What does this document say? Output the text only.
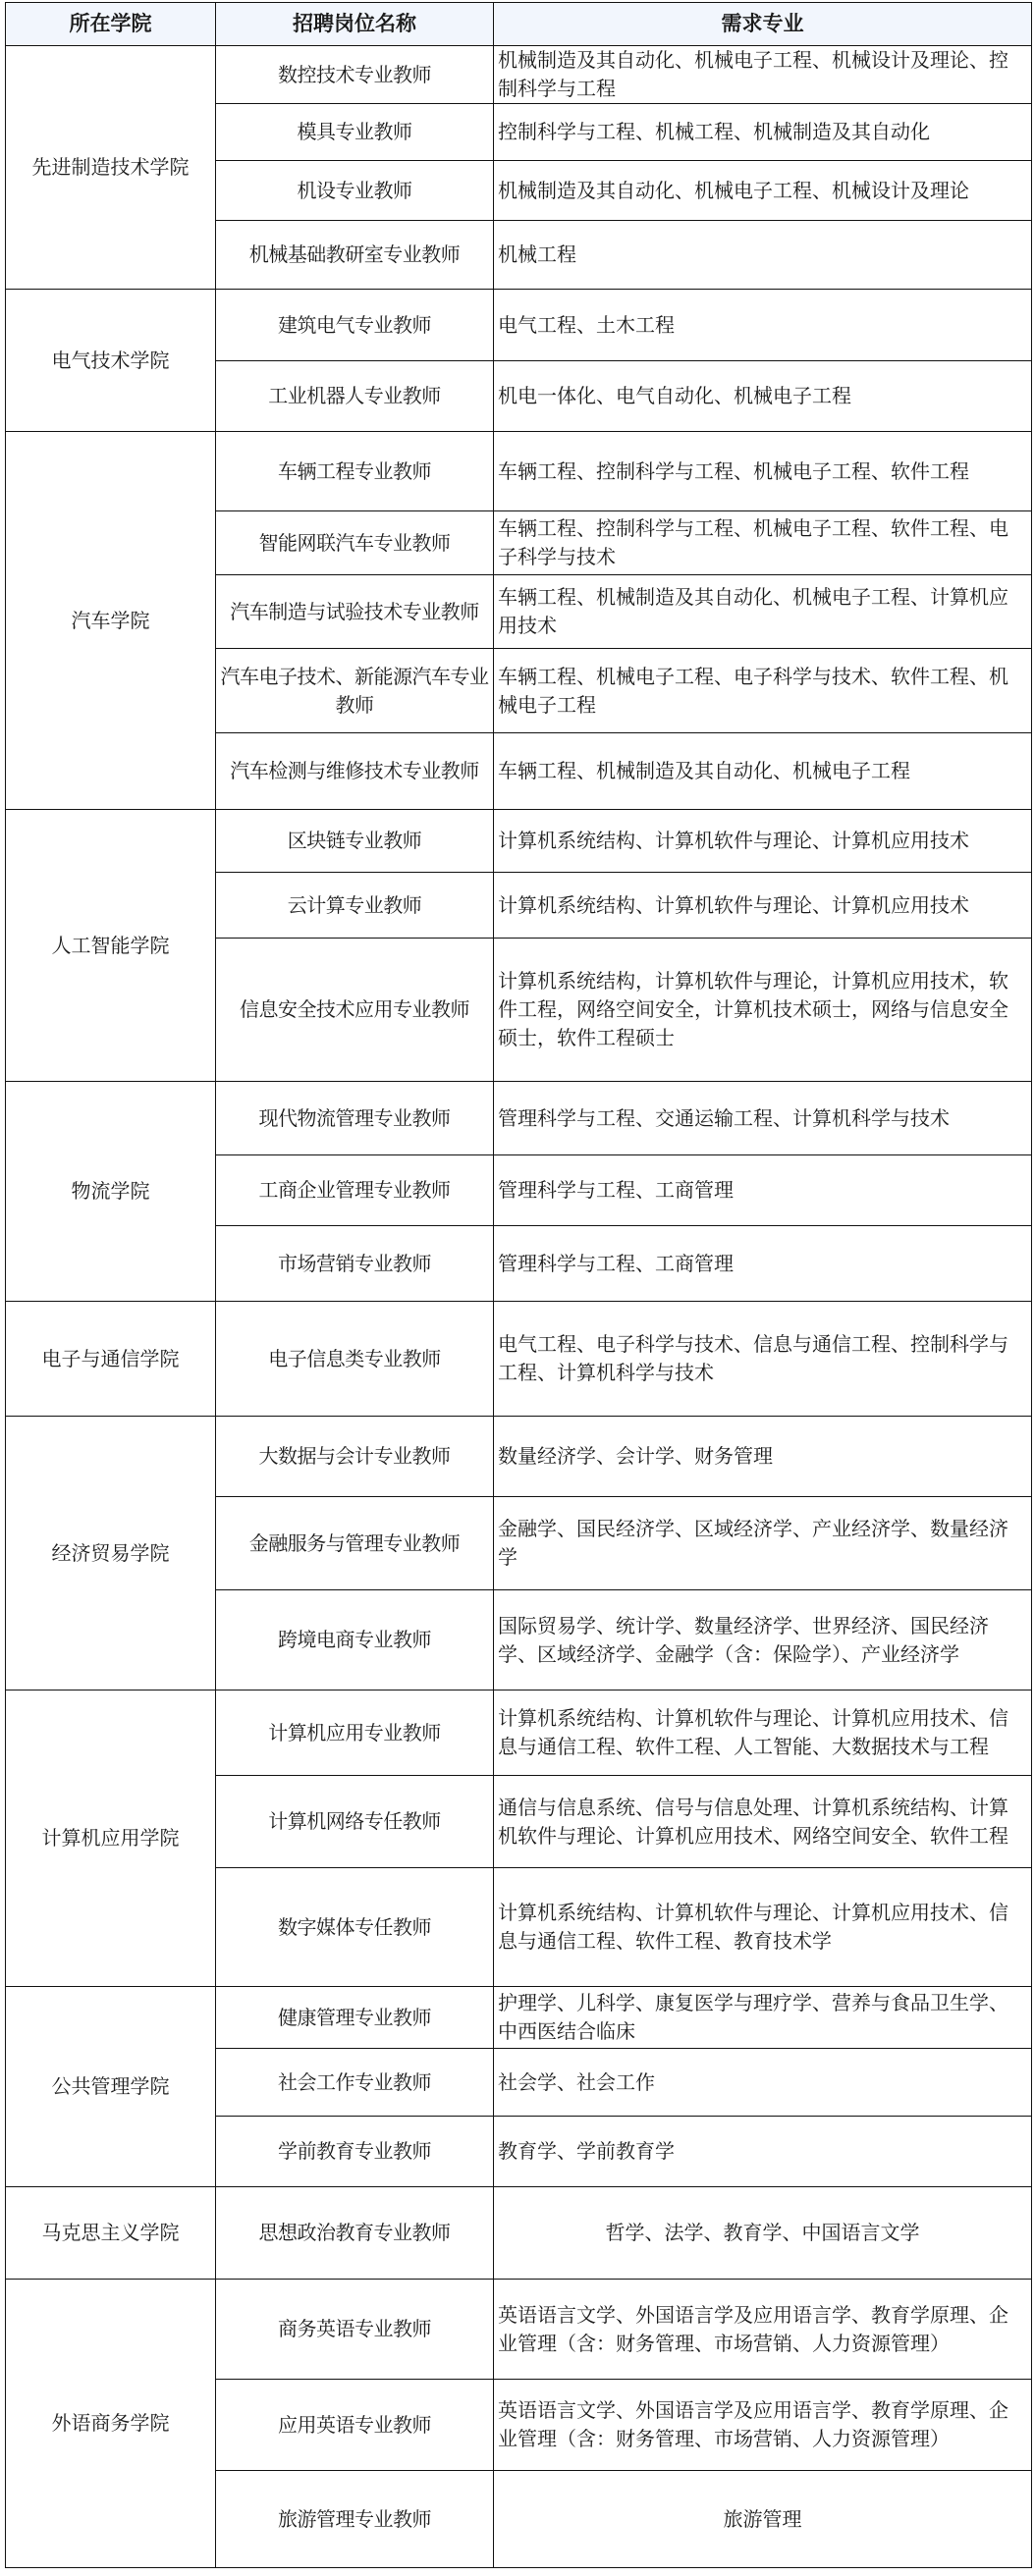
所在学院	招聘岗位名称	需求专业
先进制造技术学院	数控技术专业教师	机械制造及其自动化、机械电子工程、机械设计及理论、控制科学与工程
	模具专业教师	控制科学与工程、机械工程、机械制造及其自动化
	机设专业教师	机械制造及其自动化、机械电子工程、机械设计及理论
	机械基础教研室专业教师	机械工程
电气技术学院	建筑电气专业教师	电气工程、土木工程
	工业机器人专业教师	机电一体化、电气自动化、机械电子工程
汽车学院	车辆工程专业教师	车辆工程、控制科学与工程、机械电子工程、软件工程
	智能网联汽车专业教师	车辆工程、控制科学与工程、机械电子工程、软件工程、电子科学与技术
	汽车制造与试验技术专业教师	车辆工程、机械制造及其自动化、机械电子工程、计算机应用技术
	汽车电子技术、新能源汽车专业教师	车辆工程、机械电子工程、电子科学与技术、软件工程、机械电子工程
	汽车检测与维修技术专业教师	车辆工程、机械制造及其自动化、机械电子工程
人工智能学院	区块链专业教师	计算机系统结构、计算机软件与理论、计算机应用技术
	云计算专业教师	计算机系统结构、计算机软件与理论、计算机应用技术
	信息安全技术应用专业教师	计算机系统结构，计算机软件与理论，计算机应用技术，软件工程，网络空间安全，计算机技术硕士，网络与信息安全硕士，软件工程硕士
物流学院	现代物流管理专业教师	管理科学与工程、交通运输工程、计算机科学与技术
	工商企业管理专业教师	管理科学与工程、工商管理
	市场营销专业教师	管理科学与工程、工商管理
电子与通信学院	电子信息类专业教师	电气工程、电子科学与技术、信息与通信工程、控制科学与工程、计算机科学与技术
经济贸易学院	大数据与会计专业教师	数量经济学、会计学、财务管理
	金融服务与管理专业教师	金融学、国民经济学、区域经济学、产业经济学、数量经济学
	跨境电商专业教师	国际贸易学、统计学、数量经济学、世界经济、国民经济学、区域经济学、金融学（含：保险学）、产业经济学
计算机应用学院	计算机应用专业教师	计算机系统结构、计算机软件与理论、计算机应用技术、信息与通信工程、软件工程、人工智能、大数据技术与工程
	计算机网络专任教师	通信与信息系统、信号与信息处理、计算机系统结构、计算机软件与理论、计算机应用技术、网络空间安全、软件工程
	数字媒体专任教师	计算机系统结构、计算机软件与理论、计算机应用技术、信息与通信工程、软件工程、教育技术学
公共管理学院	健康管理专业教师	护理学、儿科学、康复医学与理疗学、营养与食品卫生学、中西医结合临床
	社会工作专业教师	社会学、社会工作
	学前教育专业教师	教育学、学前教育学
马克思主义学院	思想政治教育专业教师	哲学、法学、教育学、中国语言文学
外语商务学院	商务英语专业教师	英语语言文学、外国语言学及应用语言学、教育学原理、企业管理（含：财务管理、市场营销、人力资源管理）
	应用英语专业教师	英语语言文学、外国语言学及应用语言学、教育学原理、企业管理（含：财务管理、市场营销、人力资源管理）
	旅游管理专业教师	旅游管理
